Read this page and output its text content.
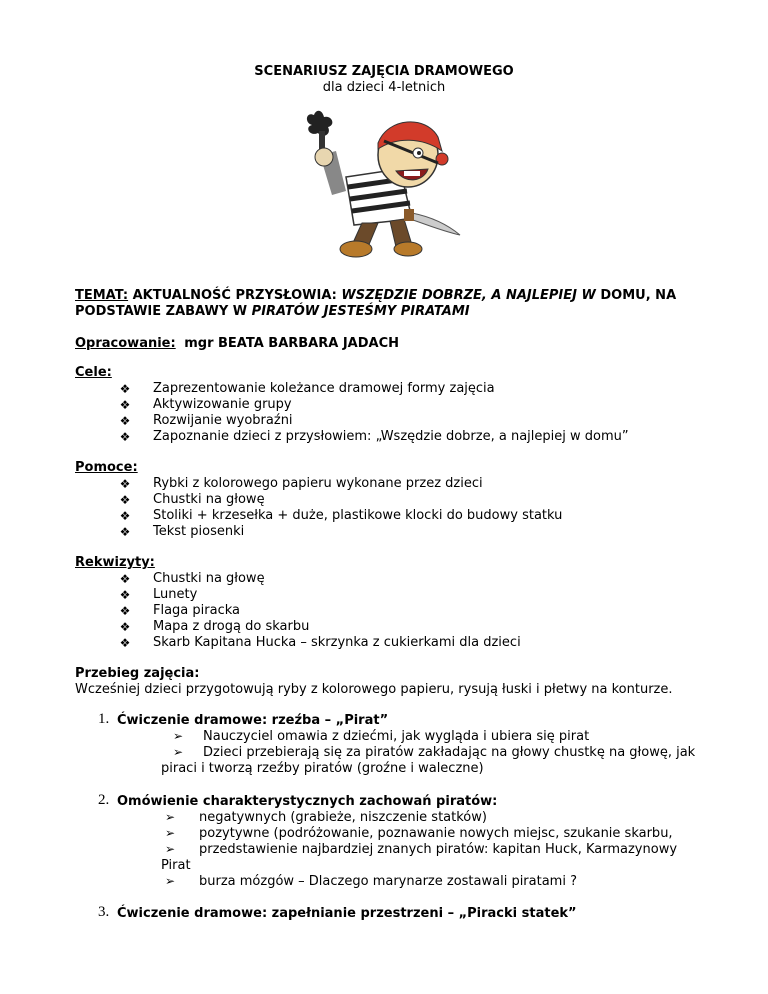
SCENARIUSZ ZAJĘCIA DRAMOWEGO
dla dzieci 4-letnich
TEMAT: AKTUALNOŚĆ PRZYSŁOWIA: WSZĘDZIE DOBRZE, A NAJLEPIEJ W DOMU, NA
PODSTAWIE ZABAWY W PIRATÓW JESTEŚMY PIRATAMI
Opracowanie: mgr BEATA BARBARA JADACH
Cele:
❖ Zaprezentowanie koleżance dramowej formy zajęcia
❖ Aktywizowanie grupy
❖ Rozwijanie wyobraźni
❖ Zapoznanie dzieci z przysłowiem: „Wszędzie dobrze, a najlepiej w domu”
Pomoce:
❖ Rybki z kolorowego papieru wykonane przez dzieci
❖ Chustki na głowę
❖ Stoliki + krzesełka + duże, plastikowe klocki do budowy statku
❖ Tekst piosenki
Rekwizyty:
❖ Chustki na głowę
❖ Lunety
❖ Flaga piracka
❖ Mapa z drogą do skarbu
❖ Skarb Kapitana Hucka – skrzynka z cukierkami dla dzieci
Przebieg zajęcia:
Wcześniej dzieci przygotowują ryby z kolorowego papieru, rysują łuski i płetwy na konturze.
1. Ćwiczenie dramowe: rzeźba – „Pirat”
➢ Nauczyciel omawia z dziećmi, jak wygląda i ubiera się pirat
➢ Dzieci przebierają się za piratów zakładając na głowy chustkę na głowę, jak
piraci i tworzą rzeźby piratów (groźne i waleczne)
2. Omówienie charakterystycznych zachowań piratów:
➢ negatywnych (grabieże, niszczenie statków)
➢ pozytywne (podróżowanie, poznawanie nowych miejsc, szukanie skarbu,
➢ przedstawienie najbardziej znanych piratów: kapitan Huck, Karmazynowy
Pirat
➢ burza mózgów – Dlaczego marynarze zostawali piratami ?
3. Ćwiczenie dramowe: zapełnianie przestrzeni – „Piracki statek”
